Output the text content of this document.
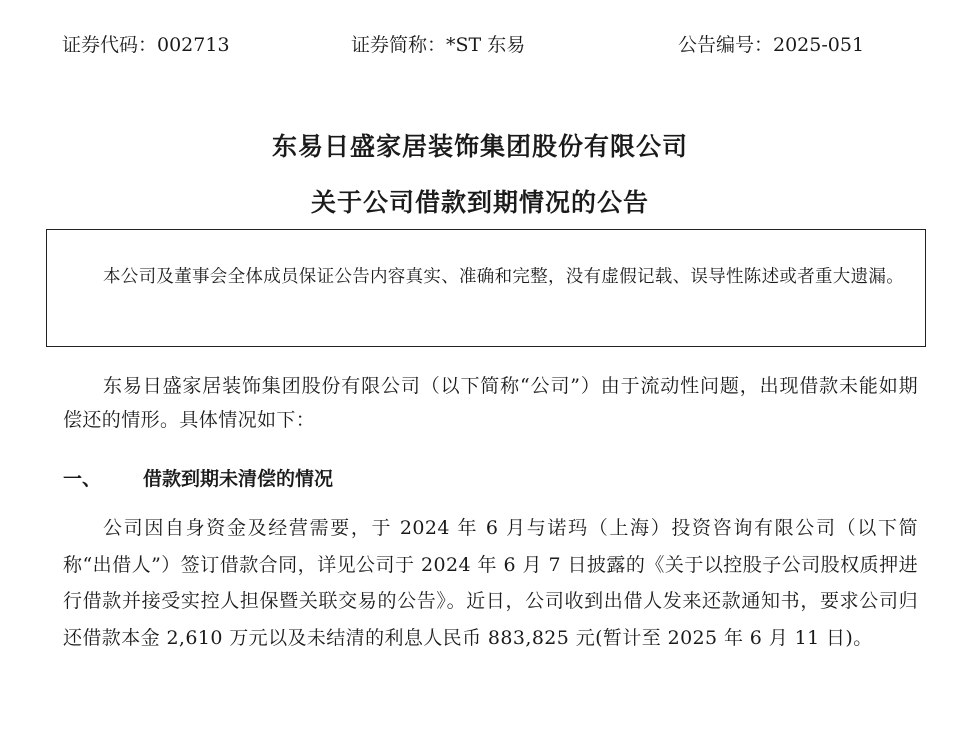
证券代码：002713	证券简称：*ST 东易	公告编号：2025-051
东易日盛家居装饰集团股份有限公司
关于公司借款到期情况的公告
本公司及董事会全体成员保证公告内容真实、准确和完整，没有虚假记载、误导性陈述或者重大遗漏。
东易日盛家居装饰集团股份有限公司（以下简称“公司”）由于流动性问题，出现借款未能如期偿还的情形。具体情况如下：
一、 借款到期未清偿的情况
公司因自身资金及经营需要，于 2024 年 6 月与诺玛（上海）投资咨询有限公司（以下简称“出借人”）签订借款合同，详见公司于 2024 年 6 月 7 日披露的《关于以控股子公司股权质押进行借款并接受实控人担保暨关联交易的公告》。近日，公司收到出借人发来还款通知书，要求公司归还借款本金 2,610 万元以及未结清的利息人民币 883,825 元(暂计至 2025 年 6 月 11 日)。
